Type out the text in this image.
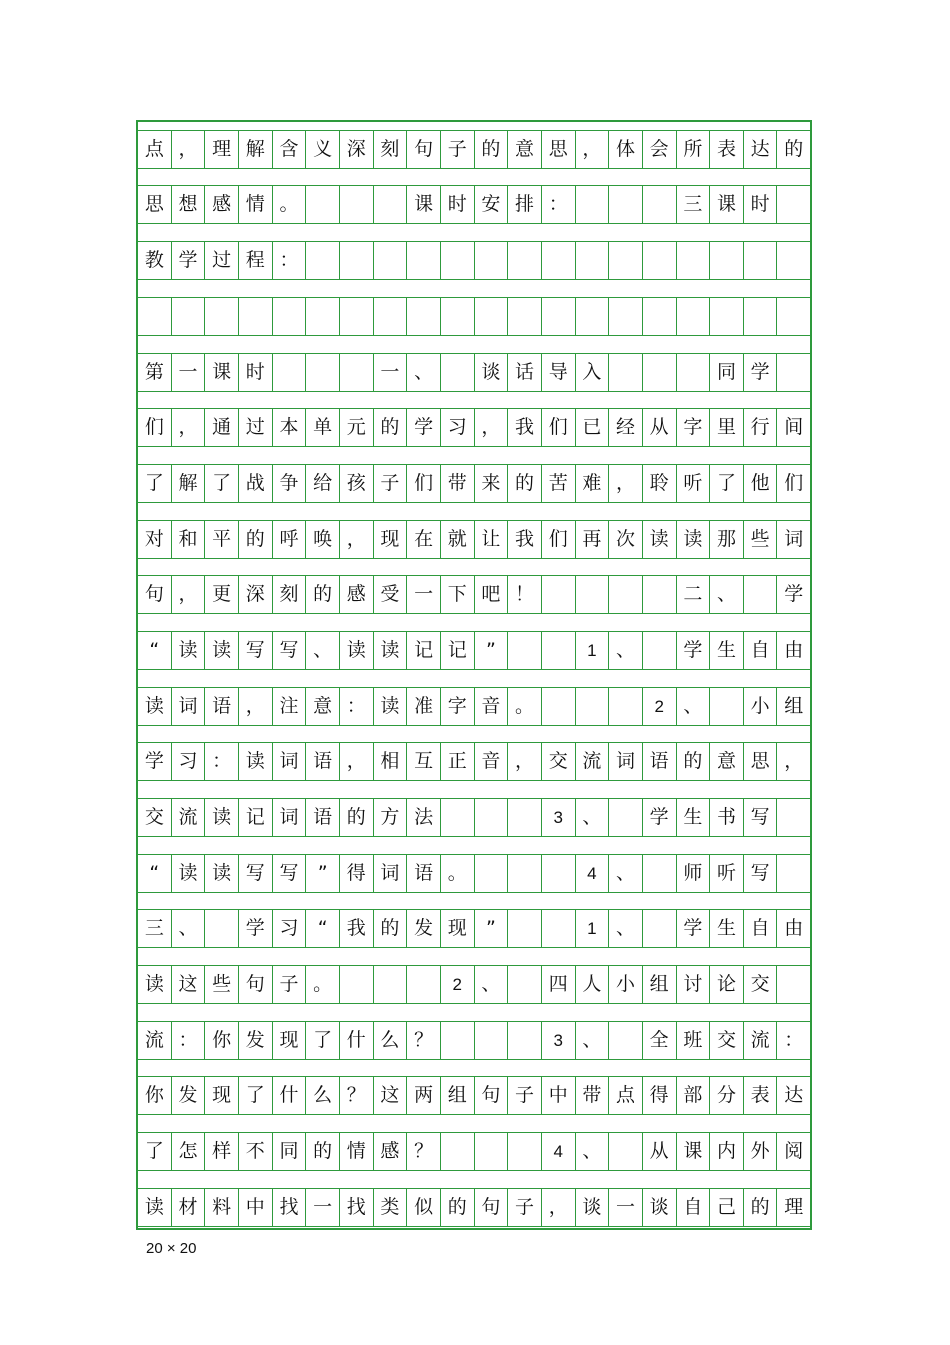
点 ， 理 解 含 义 深 刻 句 子 的 意 思 ， 体 会 所 表 达 的
思 想 感 情 。	课 时 安 排 ：	三 课 时
教 学 过 程 ：
第 一 课 时	一 、	谈 话 导 入	同 学
们 ， 通 过 本 单 元 的 学 习 ， 我 们 已 经 从 字 里 行 间
了 解 了 战 争 给 孩 子 们 带 来 的 苦 难 ， 聆 听 了 他 们
对 和 平 的 呼 唤 ， 现 在 就 让 我 们 再 次 读 读 那 些 词
句 ， 更 深 刻 的 感 受 一 下 吧 ！	二 、	学
“	读 读 写 写 、 读 读 记 记	”	1	、	学 生 自 由
读 词 语 ， 注 意 ： 读 准 字 音 。	2	、	小 组
学 习 ： 读 词 语 ， 相 互 正 音 ， 交 流 词 语 的 意 思 ，
交 流 读 记 词 语 的 方 法	3	、	学 生 书 写
“	读 读 写 写	”	得 词 语 。	4	、	师 听 写
三 、	学 习	“	我 的 发 现	”	1	、	学 生 自 由
读 这 些 句 子 。	2	、	四 人 小 组 讨 论 交
流 ： 你 发 现 了 什 么 ？	3	、	全 班 交 流 ：
你 发 现 了 什 么 ？ 这 两 组 句 子 中 带 点 得 部 分 表 达
了 怎 样 不 同 的 情 感 ？	4	、	从 课 内 外 阅
读 材 料 中 找 一 找 类 似 的 句 子 ， 谈 一 谈 自 己 的 理
20 × 20
